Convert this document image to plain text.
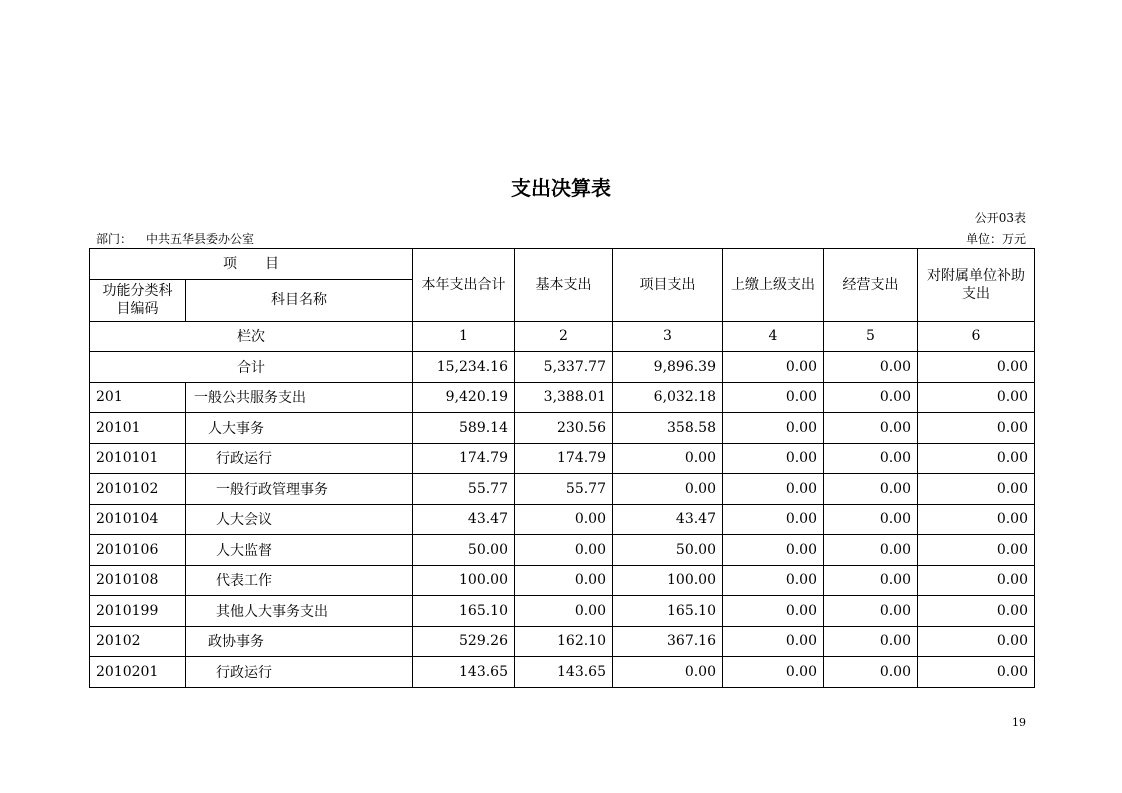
支出决算表
公开03表
部门： 中共五华县委办公室	单位：万元
项　　目		本年支出合计	基本支出	项目支出	上缴上级支出	经营支出	对附属单位补助支出
功能分类科目编码	科目名称						
栏次		1	2	3	4	5	6
合计		15,234.16	5,337.77	9,896.39	0.00	0.00	0.00
201	一般公共服务支出	9,420.19	3,388.01	6,032.18	0.00	0.00	0.00
20101	人大事务	589.14	230.56	358.58	0.00	0.00	0.00
2010101	行政运行	174.79	174.79	0.00	0.00	0.00	0.00
2010102	一般行政管理事务	55.77	55.77	0.00	0.00	0.00	0.00
2010104	人大会议	43.47	0.00	43.47	0.00	0.00	0.00
2010106	人大监督	50.00	0.00	50.00	0.00	0.00	0.00
2010108	代表工作	100.00	0.00	100.00	0.00	0.00	0.00
2010199	其他人大事务支出	165.10	0.00	165.10	0.00	0.00	0.00
20102	政协事务	529.26	162.10	367.16	0.00	0.00	0.00
2010201	行政运行	143.65	143.65	0.00	0.00	0.00	0.00
19
